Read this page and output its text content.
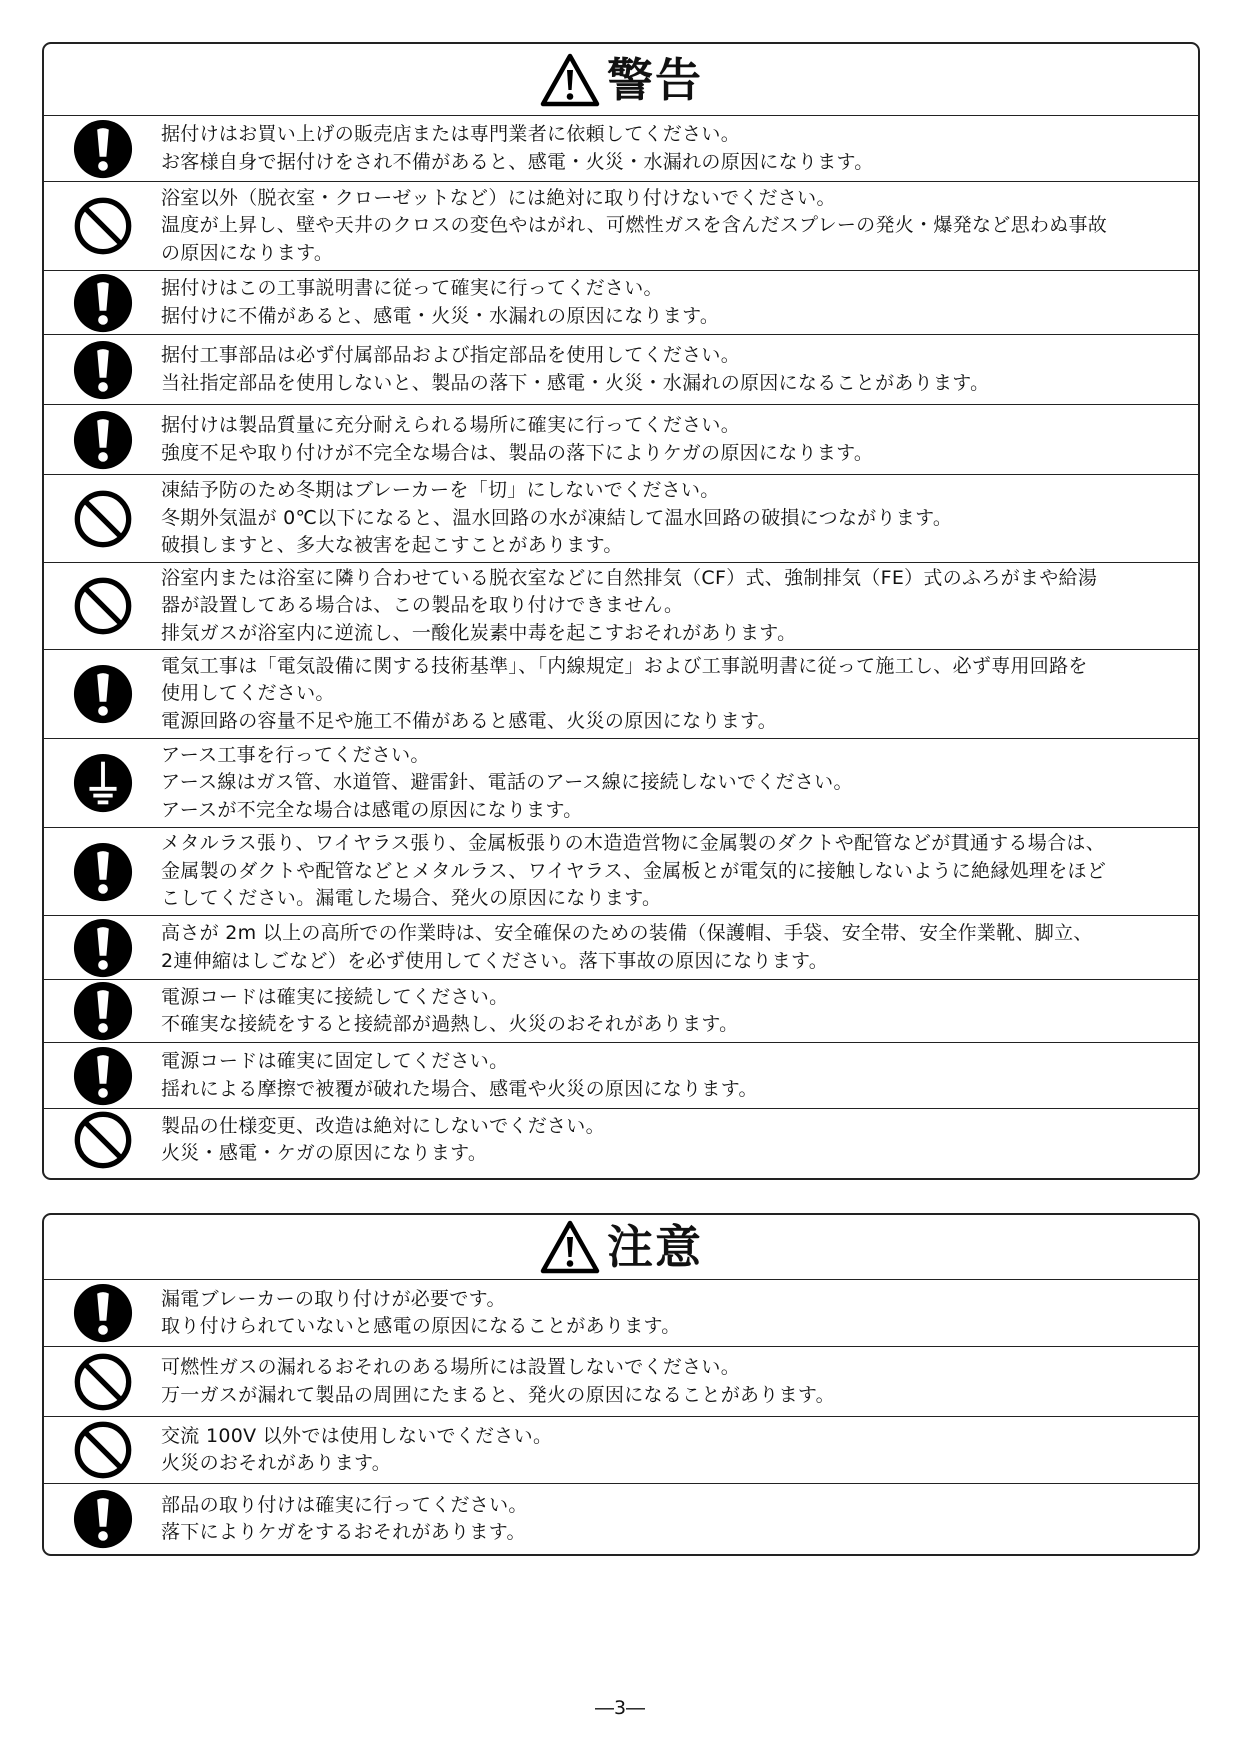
警告
据付けはお買い上げの販売店または専門業者に依頼してください。
お客様自身で据付けをされ不備があると、感電・火災・水漏れの原因になります。
浴室以外（脱衣室・クローゼットなど）には絶対に取り付けないでください。
温度が上昇し、壁や天井のクロスの変色やはがれ、可燃性ガスを含んだスプレーの発火・爆発など思わぬ事故
の原因になります。
据付けはこの工事説明書に従って確実に行ってください。
据付けに不備があると、感電・火災・水漏れの原因になります。
据付工事部品は必ず付属部品および指定部品を使用してください。
当社指定部品を使用しないと、製品の落下・感電・火災・水漏れの原因になることがあります。
据付けは製品質量に充分耐えられる場所に確実に行ってください。
強度不足や取り付けが不完全な場合は、製品の落下によりケガの原因になります。
凍結予防のため冬期はブレーカーを「切」にしないでください。
冬期外気温が 0℃以下になると、温水回路の水が凍結して温水回路の破損につながります。
破損しますと、多大な被害を起こすことがあります。
浴室内または浴室に隣り合わせている脱衣室などに自然排気（CF）式、強制排気（FE）式のふろがまや給湯
器が設置してある場合は、この製品を取り付けできません。
排気ガスが浴室内に逆流し、一酸化炭素中毒を起こすおそれがあります。
電気工事は「電気設備に関する技術基準」、「内線規定」および工事説明書に従って施工し、必ず専用回路を
使用してください。
電源回路の容量不足や施工不備があると感電、火災の原因になります。
アース工事を行ってください。
アース線はガス管、水道管、避雷針、電話のアース線に接続しないでください。
アースが不完全な場合は感電の原因になります。
メタルラス張り、ワイヤラス張り、金属板張りの木造造営物に金属製のダクトや配管などが貫通する場合は、
金属製のダクトや配管などとメタルラス、ワイヤラス、金属板とが電気的に接触しないように絶縁処理をほど
こしてください。漏電した場合、発火の原因になります。
高さが 2m 以上の高所での作業時は、安全確保のための装備（保護帽、手袋、安全帯、安全作業靴、脚立、
2連伸縮はしごなど）を必ず使用してください。落下事故の原因になります。
電源コードは確実に接続してください。
不確実な接続をすると接続部が過熱し、火災のおそれがあります。
電源コードは確実に固定してください。
揺れによる摩擦で被覆が破れた場合、感電や火災の原因になります。
製品の仕様変更、改造は絶対にしないでください。
火災・感電・ケガの原因になります。
注意
漏電ブレーカーの取り付けが必要です。
取り付けられていないと感電の原因になることがあります。
可燃性ガスの漏れるおそれのある場所には設置しないでください。
万一ガスが漏れて製品の周囲にたまると、発火の原因になることがあります。
交流 100V 以外では使用しないでください。
火災のおそれがあります。
部品の取り付けは確実に行ってください。
落下によりケガをするおそれがあります。
―3―
